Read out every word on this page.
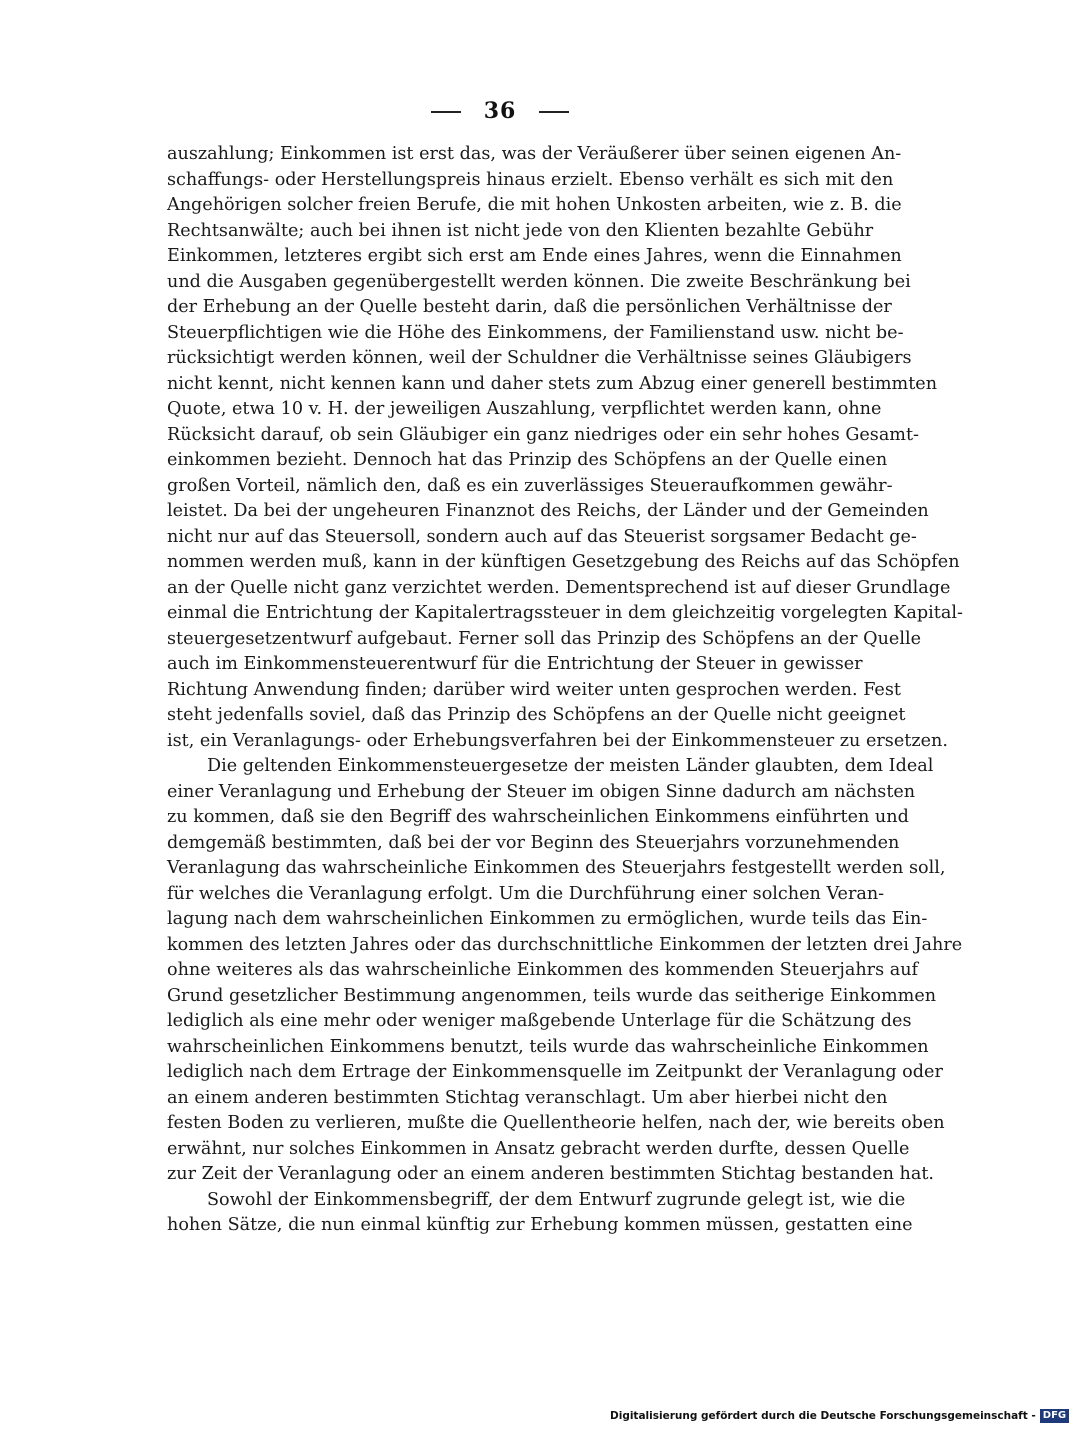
36
auszahlung; Einkommen ist erst das, was der Veräußerer über seinen eigenen An-
schaffungs- oder Herstellungspreis hinaus erzielt. Ebenso verhält es sich mit den
Angehörigen solcher freien Berufe, die mit hohen Unkosten arbeiten, wie z. B. die
Rechtsanwälte; auch bei ihnen ist nicht jede von den Klienten bezahlte Gebühr
Einkommen, letzteres ergibt sich erst am Ende eines Jahres, wenn die Einnahmen
und die Ausgaben gegenübergestellt werden können. Die zweite Beschränkung bei
der Erhebung an der Quelle besteht darin, daß die persönlichen Verhältnisse der
Steuerpflichtigen wie die Höhe des Einkommens, der Familienstand usw. nicht be-
rücksichtigt werden können, weil der Schuldner die Verhältnisse seines Gläubigers
nicht kennt, nicht kennen kann und daher stets zum Abzug einer generell bestimmten
Quote, etwa 10 v. H. der jeweiligen Auszahlung, verpflichtet werden kann, ohne
Rücksicht darauf, ob sein Gläubiger ein ganz niedriges oder ein sehr hohes Gesamt-
einkommen bezieht. Dennoch hat das Prinzip des Schöpfens an der Quelle einen
großen Vorteil, nämlich den, daß es ein zuverlässiges Steueraufkommen gewähr-
leistet. Da bei der ungeheuren Finanznot des Reichs, der Länder und der Gemeinden
nicht nur auf das Steuersoll, sondern auch auf das Steuerist sorgsamer Bedacht ge-
nommen werden muß, kann in der künftigen Gesetzgebung des Reichs auf das Schöpfen
an der Quelle nicht ganz verzichtet werden. Dementsprechend ist auf dieser Grundlage
einmal die Entrichtung der Kapitalertragssteuer in dem gleichzeitig vorgelegten Kapital-
steuergesetzentwurf aufgebaut. Ferner soll das Prinzip des Schöpfens an der Quelle
auch im Einkommensteuerentwurf für die Entrichtung der Steuer in gewisser
Richtung Anwendung finden; darüber wird weiter unten gesprochen werden. Fest
steht jedenfalls soviel, daß das Prinzip des Schöpfens an der Quelle nicht geeignet
ist, ein Veranlagungs- oder Erhebungsverfahren bei der Einkommensteuer zu ersetzen.
Die geltenden Einkommensteuergesetze der meisten Länder glaubten, dem Ideal
einer Veranlagung und Erhebung der Steuer im obigen Sinne dadurch am nächsten
zu kommen, daß sie den Begriff des wahrscheinlichen Einkommens einführten und
demgemäß bestimmten, daß bei der vor Beginn des Steuerjahrs vorzunehmenden
Veranlagung das wahrscheinliche Einkommen des Steuerjahrs festgestellt werden soll,
für welches die Veranlagung erfolgt. Um die Durchführung einer solchen Veran-
lagung nach dem wahrscheinlichen Einkommen zu ermöglichen, wurde teils das Ein-
kommen des letzten Jahres oder das durchschnittliche Einkommen der letzten drei Jahre
ohne weiteres als das wahrscheinliche Einkommen des kommenden Steuerjahrs auf
Grund gesetzlicher Bestimmung angenommen, teils wurde das seitherige Einkommen
lediglich als eine mehr oder weniger maßgebende Unterlage für die Schätzung des
wahrscheinlichen Einkommens benutzt, teils wurde das wahrscheinliche Einkommen
lediglich nach dem Ertrage der Einkommensquelle im Zeitpunkt der Veranlagung oder
an einem anderen bestimmten Stichtag veranschlagt. Um aber hierbei nicht den
festen Boden zu verlieren, mußte die Quellentheorie helfen, nach der, wie bereits oben
erwähnt, nur solches Einkommen in Ansatz gebracht werden durfte, dessen Quelle
zur Zeit der Veranlagung oder an einem anderen bestimmten Stichtag bestanden hat.
Sowohl der Einkommensbegriff, der dem Entwurf zugrunde gelegt ist, wie die
hohen Sätze, die nun einmal künftig zur Erhebung kommen müssen, gestatten eine
Digitalisierung gefördert durch die Deutsche Forschungsgemeinschaft - DFG
